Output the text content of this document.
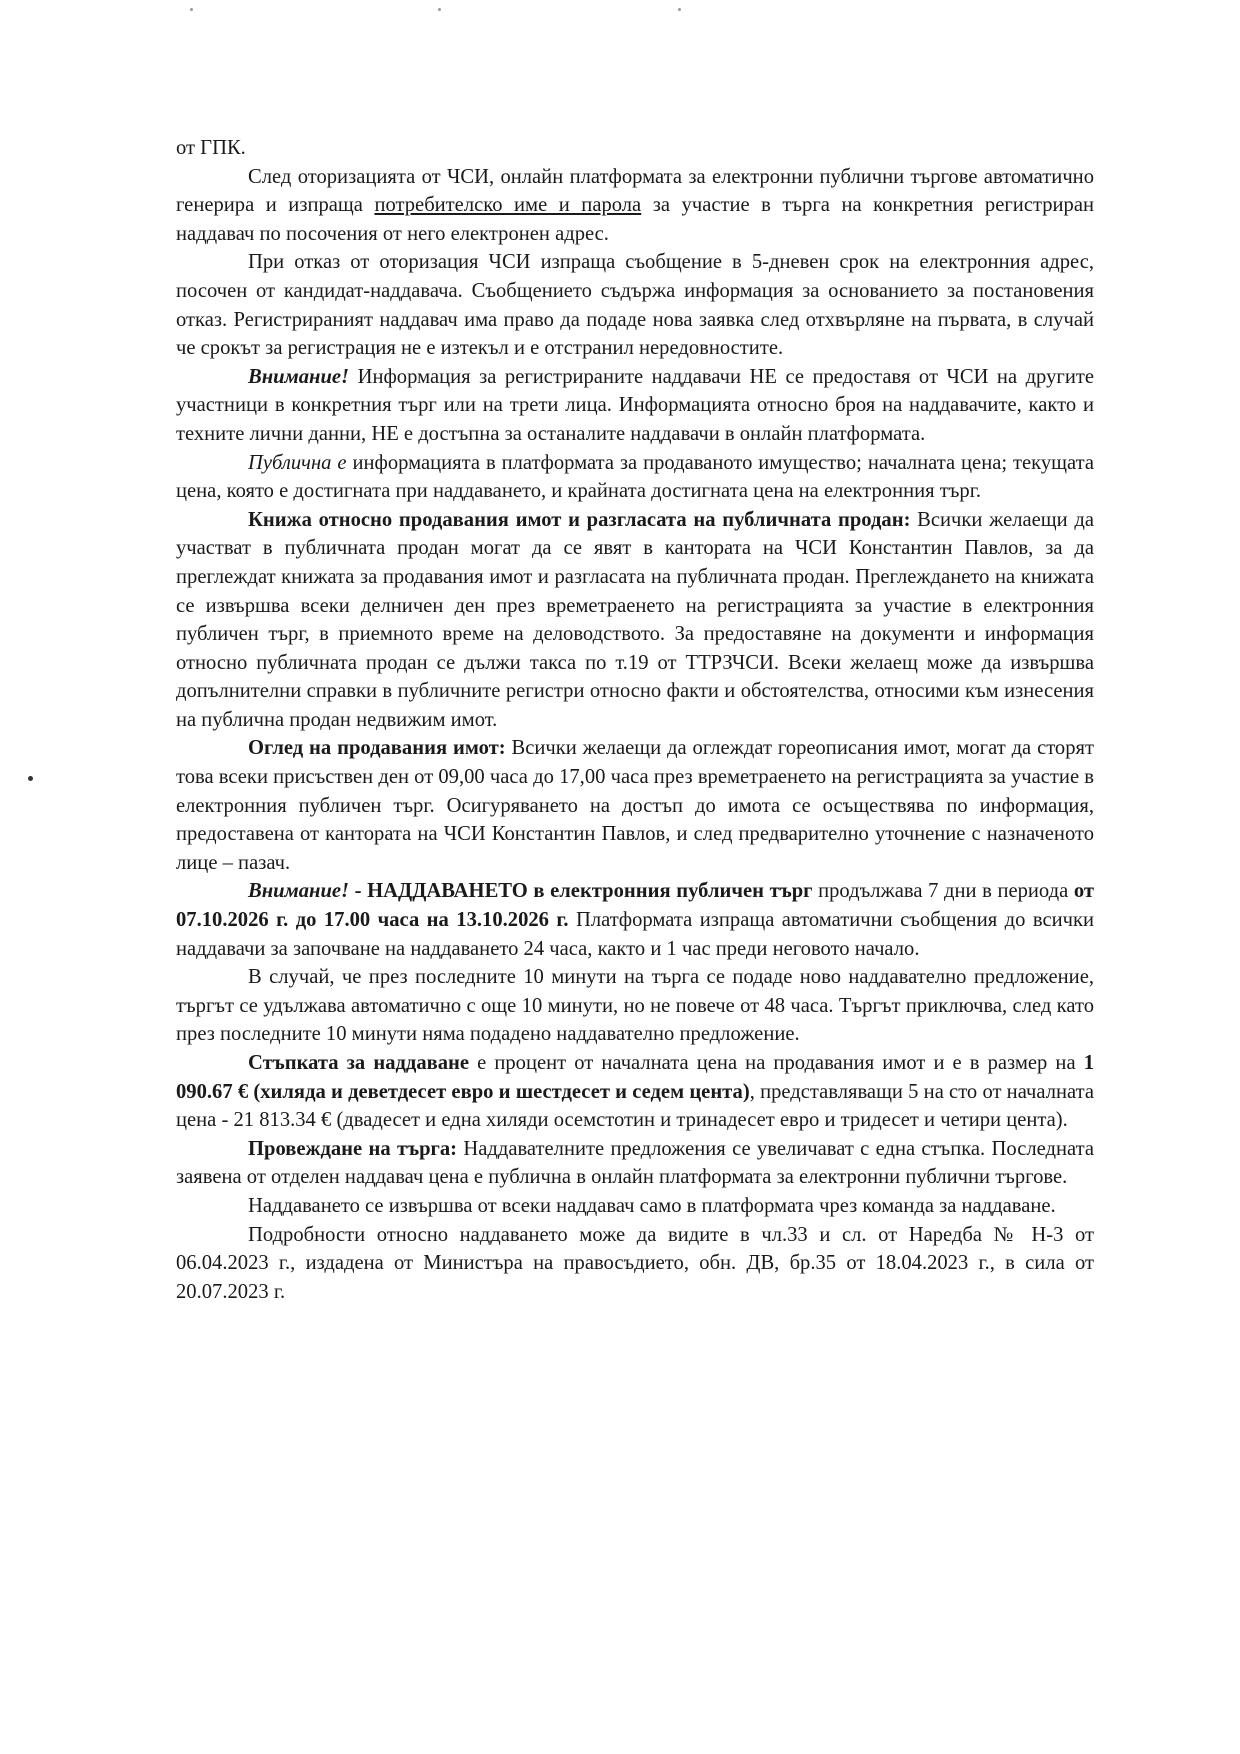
от ГПК.

След оторизацията от ЧСИ, онлайн платформата за електронни публични търгове автоматично генерира и изпраща потребителско име и парола за участие в търга на конкретния регистриран наддавач по посочения от него електронен адрес.

При отказ от оторизация ЧСИ изпраща съобщение в 5-дневен срок на електронния адрес, посочен от кандидат-наддавача. Съобщението съдържа информация за основанието за постановения отказ. Регистрираният наддавач има право да подаде нова заявка след отхвърляне на първата, в случай че срокът за регистрация не е изтекъл и е отстранил нередовностите.

Внимание! Информация за регистрираните наддавачи НЕ се предоставя от ЧСИ на другите участници в конкретния търг или на трети лица. Информацията относно броя на наддавачите, както и техните лични данни, НЕ е достъпна за останалите наддавачи в онлайн платформата.

Публична е информацията в платформата за продаваното имущество; началната цена; текущата цена, която е достигната при наддаването, и крайната достигната цена на електронния търг.

Книжа относно продавания имот и разгласата на публичната продан: Всички желаещи да участват в публичната продан могат да се явят в кантората на ЧСИ Константин Павлов, за да преглеждат книжата за продавания имот и разгласата на публичната продан. Преглеждането на книжата се извършва всеки делничен ден през времетраенето на регистрацията за участие в електронния публичен търг, в приемното време на деловодството. За предоставяне на документи и информация относно публичната продан се дължи такса по т.19 от ТТРЗЧСИ. Всеки желаещ може да извършва допълнителни справки в публичните регистри относно факти и обстоятелства, относими към изнесения на публична продан недвижим имот.

Оглед на продавания имот: Всички желаещи да оглеждат гореописания имот, могат да сторят това всеки присъствен ден от 09,00 часа до 17,00 часа през времетраенето на регистрацията за участие в електронния публичен търг. Осигуряването на достъп до имота се осъществява по информация, предоставена от кантората на ЧСИ Константин Павлов, и след предварително уточнение с назначеното лице – пазач.

Внимание! - НАДДАВАНЕТО в електронния публичен търг продължава 7 дни в периода от 07.10.2026 г. до 17.00 часа на 13.10.2026 г. Платформата изпраща автоматични съобщения до всички наддавачи за започване на наддаването 24 часа, както и 1 час преди неговото начало.

В случай, че през последните 10 минути на търга се подаде ново наддавателно предложение, търгът се удължава автоматично с още 10 минути, но не повече от 48 часа. Търгът приключва, след като през последните 10 минути няма подадено наддавателно предложение.

Стъпката за наддаване е процент от началната цена на продавания имот и е в размер на 1 090.67 € (хиляда и деветдесет евро и шестдесет и седем цента), представляващи 5 на сто от началната цена - 21 813.34 € (двадесет и една хиляди осемстотин и тринадесет евро и тридесет и четири цента).

Провеждане на търга: Наддавателните предложения се увеличават с една стъпка. Последната заявена от отделен наддавач цена е публична в онлайн платформата за електронни публични търгове.

Наддаването се извършва от всеки наддавач само в платформата чрез команда за наддаване.

Подробности относно наддаването може да видите в чл.33 и сл. от Наредба № Н-3 от 06.04.2023 г., издадена от Министъра на правосъдието, обн. ДВ, бр.35 от 18.04.2023 г., в сила от 20.07.2023 г.
